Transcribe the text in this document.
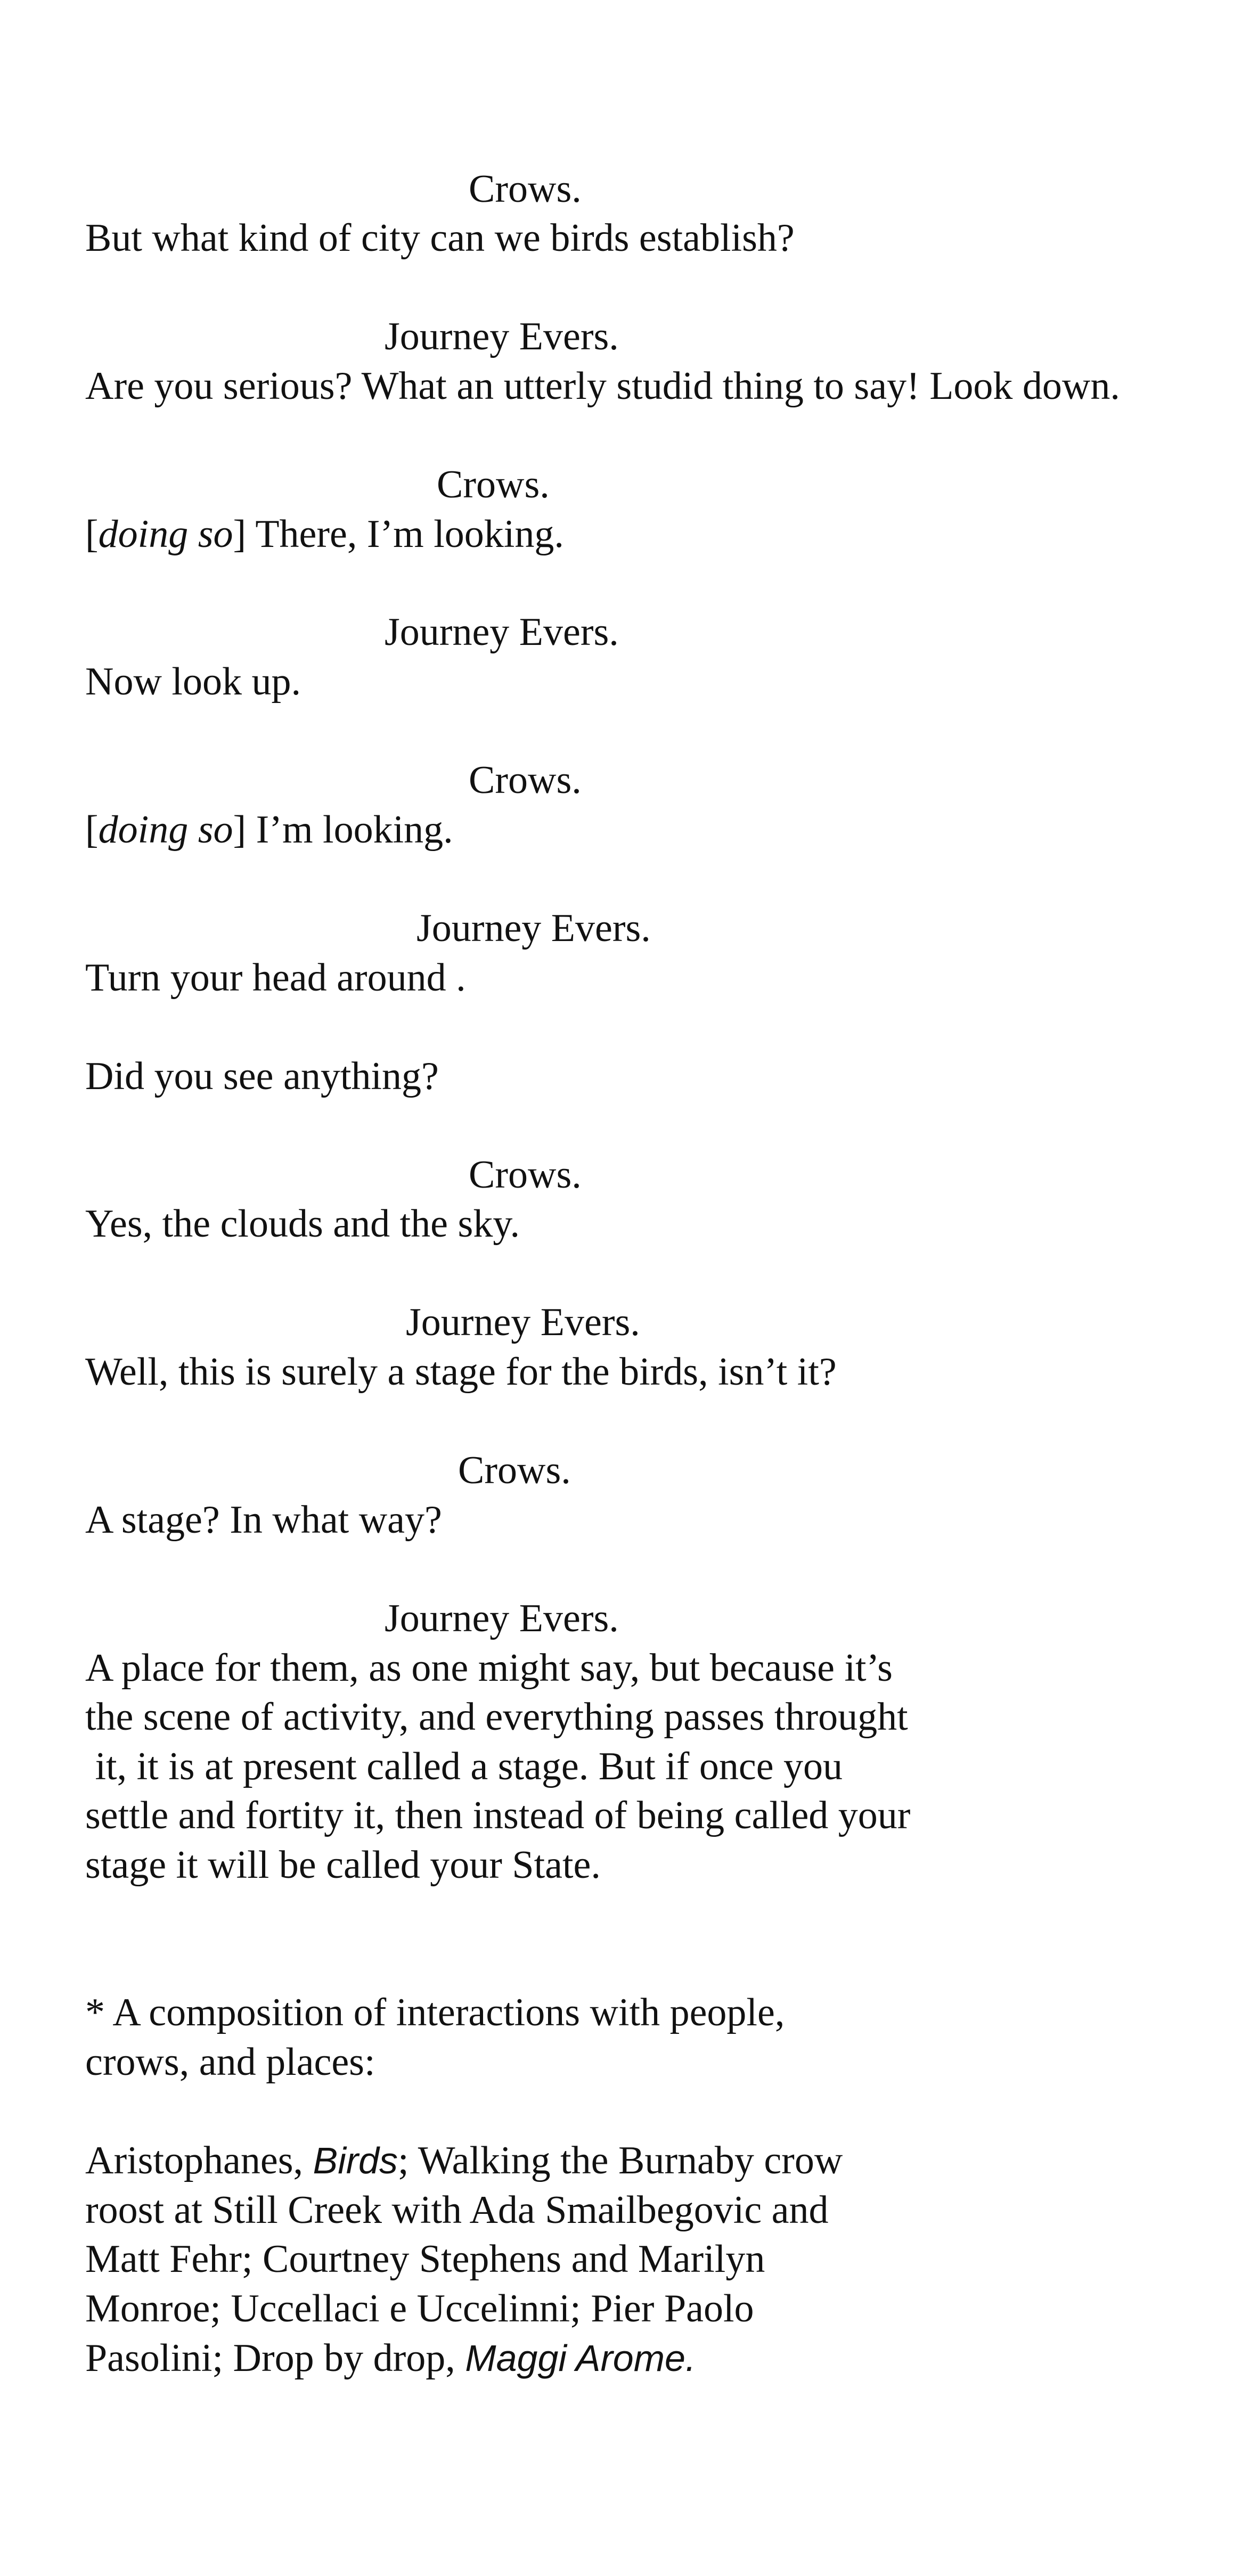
Crows.
But what kind of city can we birds establish?
Journey Evers.
Are you serious? What an utterly studid thing to say! Look down.
Crows.
[doing so] There, I’m looking.
Journey Evers.
Now look up.
Crows.
[doing so] I’m looking.
Journey Evers.
Turn your head around .
Did you see anything?
Crows.
Yes, the clouds and the sky.
Journey Evers.
Well, this is surely a stage for the birds, isn’t it?
Crows.
A stage? In what way?
Journey Evers.
A place for them, as one might say, but because it’s
the scene of activity, and everything passes throught
it, it is at present called a stage. But if once you
settle and fortity it, then instead of being called your
stage it will be called your State.
* A composition of interactions with people,
crows, and places:
Aristophanes, Birds; Walking the Burnaby crow
roost at Still Creek with Ada Smailbegovic and
Matt Fehr; Courtney Stephens and Marilyn
Monroe; Uccellaci e Uccelinni; Pier Paolo
Pasolini; Drop by drop, Maggi Arome.
